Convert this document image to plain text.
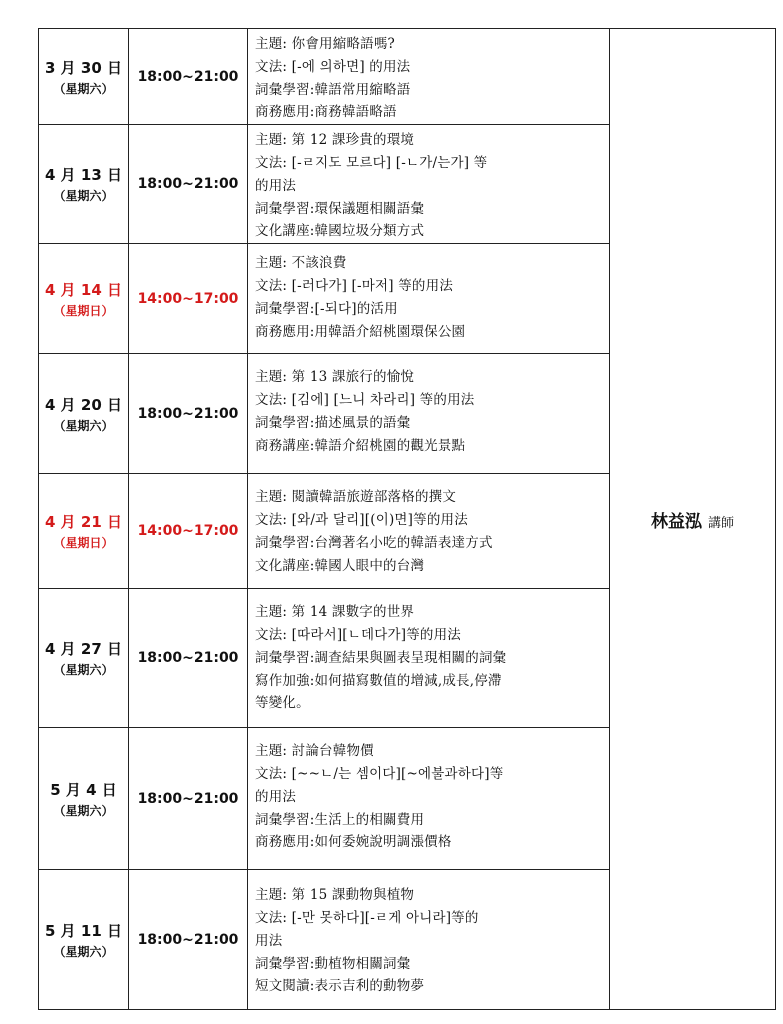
3 月 30 日
（星期六）	18:00~21:00	主題: 你會用縮略語嗎?
文法: [-에 의하면] 的用法
詞彙學習:韓語常用縮略語
商務應用:商務韓語略語	林益泓 講師

4 月 13 日
（星期六）	18:00~21:00	主題: 第 12 課珍貴的環境
文法: [-ㄹ지도 모르다] [-ㄴ가/는가] 等
的用法
詞彙學習:環保議題相關語彙
文化講座:韓國垃圾分類方式	

4 月 14 日
（星期日）	14:00~17:00	主題: 不該浪費
文法: [-러다가] [-마저] 等的用法
詞彙學習:[-되다]的活用
商務應用:用韓語介紹桃園環保公園	

4 月 20 日
（星期六）	18:00~21:00	主題: 第 13 課旅行的愉悅
文法: [김에] [느니 차라리] 等的用法
詞彙學習:描述風景的語彙
商務講座:韓語介紹桃園的觀光景點	

4 月 21 日
（星期日）	14:00~17:00	主題: 閱讀韓語旅遊部落格的撰文
文法: [와/과 달리][(이)면]等的用法
詞彙學習:台灣著名小吃的韓語表達方式
文化講座:韓國人眼中的台灣	

4 月 27 日
（星期六）	18:00~21:00	主題: 第 14 課數字的世界
文法: [따라서][ㄴ데다가]等的用法
詞彙學習:調查結果與圖表呈現相關的詞彙
寫作加強:如何描寫數值的增減,成長,停滯
等變化。	

5 月 4 日
（星期六）	18:00~21:00	主題: 討論台韓物價
文法: [~~ㄴ/는 셈이다][~에불과하다]等
的用法
詞彙學習:生活上的相關費用
商務應用:如何委婉說明調漲價格	

5 月 11 日
（星期六）	18:00~21:00	主題: 第 15 課動物與植物
文法: [-만 못하다][-ㄹ게 아니라]等的
用法
詞彙學習:動植物相關詞彙
短文閱讀:表示吉利的動物夢	
